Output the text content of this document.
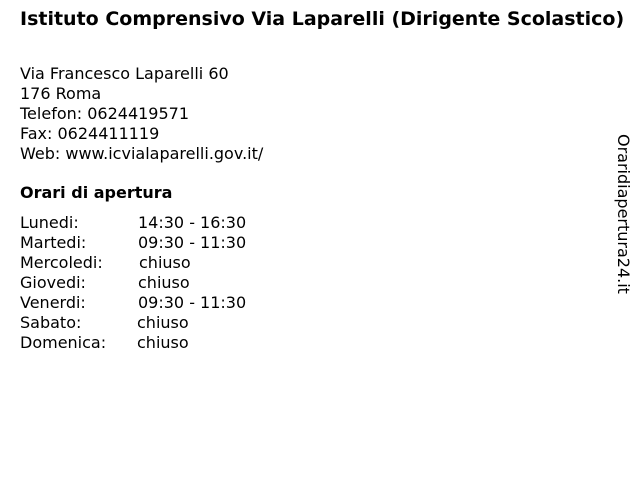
Istituto Comprensivo Via Laparelli (Dirigente Scolastico)
Via Francesco Laparelli 60
176 Roma
Telefon: 0624419571
Fax: 0624411119
Web: www.icvialaparelli.gov.it/
Orari di apertura
Lunedi:	14:30 - 16:30
Martedi:	09:30 - 11:30
Mercoledi: chiuso
Giovedi:	chiuso
Venerdi:	09:30 - 11:30
Sabato:	chiuso
Domenica: chiuso
Oraridiapertura24.it
